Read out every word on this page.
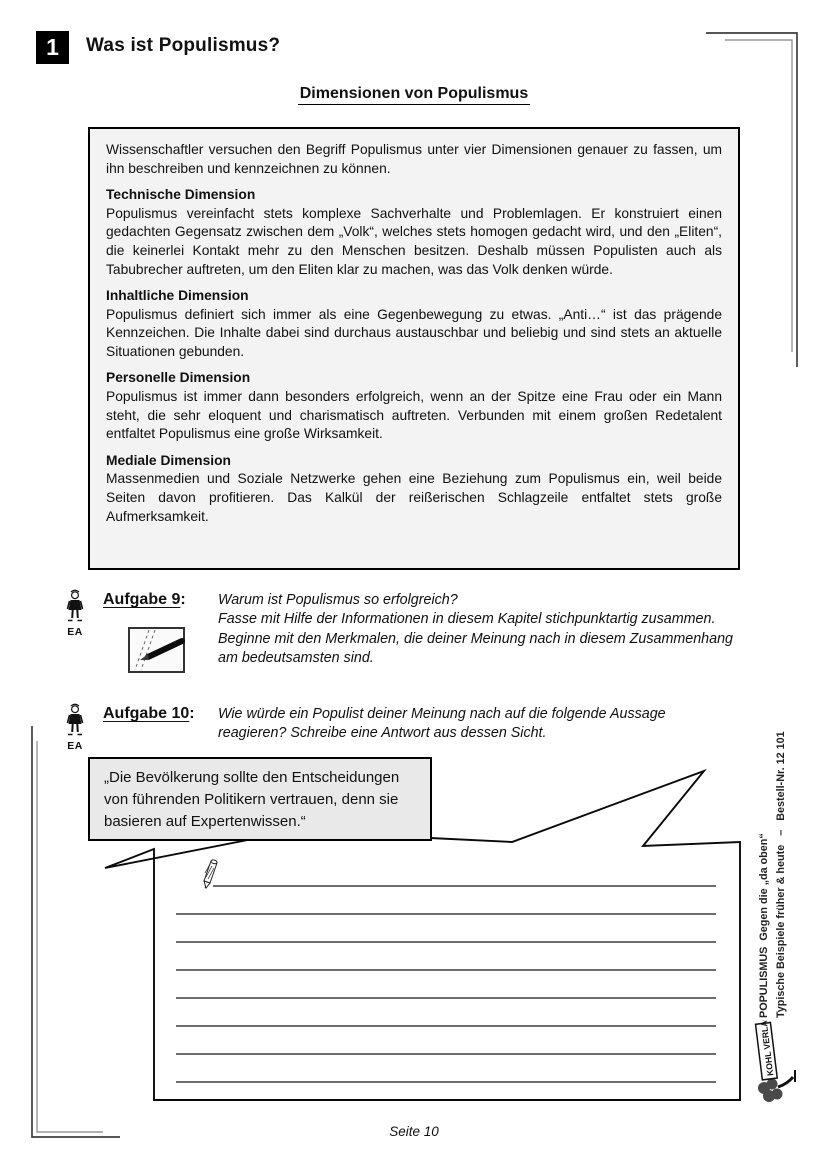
1	Was ist Populismus?
Dimensionen von Populismus

Wissenschaftler versuchen den Begriff Populismus unter vier Dimensionen genauer zu fassen, um ihn beschreiben und kennzeichnen zu können.

Technische Dimension

Populismus vereinfacht stets komplexe Sachverhalte und Problemlagen. Er konstruiert einen gedachten Gegensatz zwischen dem „Volk“, welches stets homogen gedacht wird, und den „Eliten“, die keinerlei Kontakt mehr zu den Menschen besitzen. Deshalb müssen Populisten auch als Tabubrecher auftreten, um den Eliten klar zu machen, was das Volk denken würde.

Inhaltliche Dimension

Populismus definiert sich immer als eine Gegenbewegung zu etwas. „Anti…“ ist das prägende Kennzeichen. Die Inhalte dabei sind durchaus austauschbar und beliebig und sind stets an aktuelle Situationen gebunden.

Personelle Dimension

Populismus ist immer dann besonders erfolgreich, wenn an der Spitze eine Frau oder ein Mann steht, die sehr eloquent und charismatisch auftreten. Verbunden mit einem großen Redetalent entfaltet Populismus eine große Wirksamkeit.

Mediale Dimension

Massenmedien und Soziale Netzwerke gehen eine Beziehung zum Populismus ein, weil beide Seiten davon profitieren. Das Kalkül der reißerischen Schlagzeile entfaltet stets große Aufmerksamkeit.

EA
Aufgabe 9: Warum ist Populismus so erfolgreich?

Fasse mit Hilfe der Informationen in diesem Kapitel stichpunktartig zusammen. Beginne mit den Merkmalen, die deiner Meinung nach in diesem Zusammenhang am bedeutsamsten sind.

EA
Aufgabe 10: Wie würde ein Populist deiner Meinung nach auf die folgende Aussage reagieren? Schreibe eine Antwort aus dessen Sicht.

„Die Bevölkerung sollte den Entscheidungen von führenden Politikern vertrauen, denn sie basieren auf Expertenwissen.“
POPULISMUS  Gegen die „da oben“ Typische Beispiele früher & heute   –   Bestell-Nr. 12 101
KOHL VERLAG
Seite 10
